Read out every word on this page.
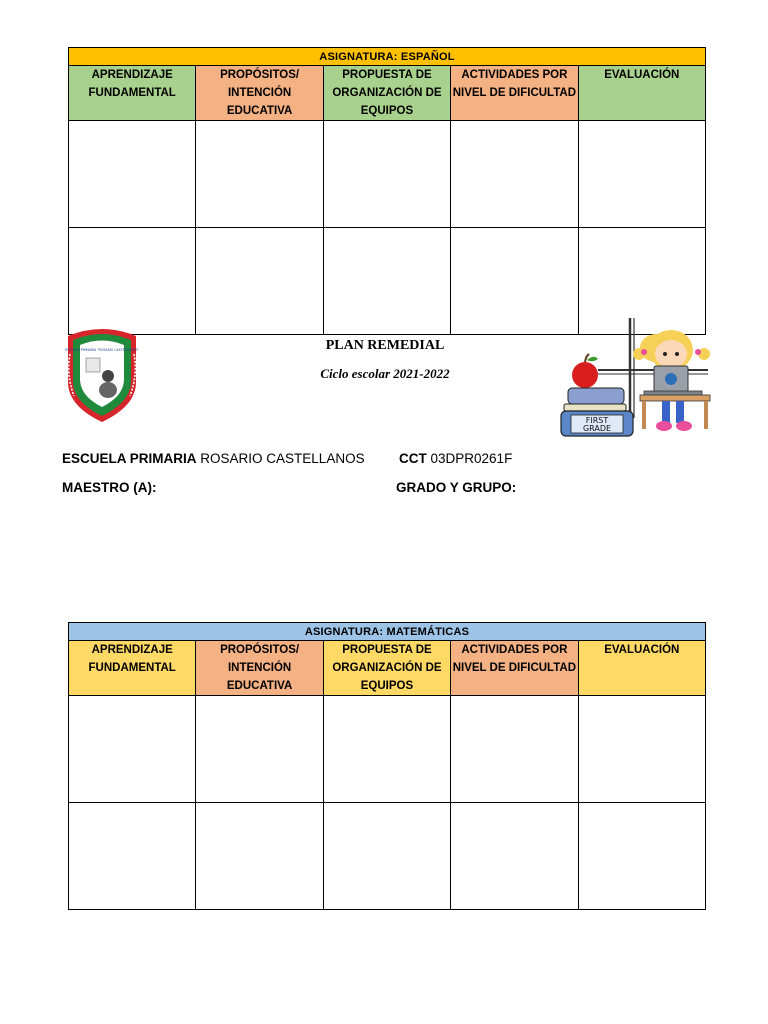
ASIGNATURA: ESPAÑOL				
APRENDIZAJE FUNDAMENTAL	PROPÓSITOS/ INTENCIÓN EDUCATIVA	PROPUESTA DE ORGANIZACIÓN DE EQUIPOS	ACTIVIDADES POR NIVEL DE DIFICULTAD	EVALUACIÓN

ESCUELA PRIMARIA "ROSARIO CASTELLANOS"	PLAN REMEDIAL
Ciclo escolar 2021-2022
FIRST
GRADE
ESCUELA PRIMARIA ROSARIO CASTELLANOS	CCT 03DPR0261F
MAESTRO (A):	GRADO Y GRUPO:
ASIGNATURA: MATEMÁTICAS				
APRENDIZAJE FUNDAMENTAL	PROPÓSITOS/ INTENCIÓN EDUCATIVA	PROPUESTA DE ORGANIZACIÓN DE EQUIPOS	ACTIVIDADES POR NIVEL DE DIFICULTAD	EVALUACIÓN
